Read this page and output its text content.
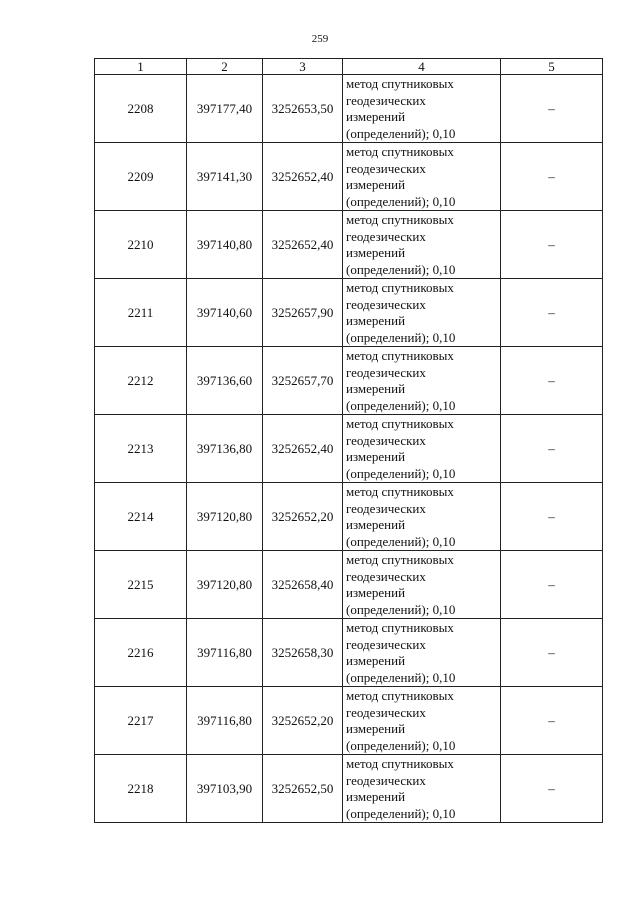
259
1	2	3	4	5
2208	397177,40	3252653,50	метод спутниковых
геодезических
измерений
(определений); 0,10	–
2209	397141,30	3252652,40	метод спутниковых
геодезических
измерений
(определений); 0,10	–
2210	397140,80	3252652,40	метод спутниковых
геодезических
измерений
(определений); 0,10	–
2211	397140,60	3252657,90	метод спутниковых
геодезических
измерений
(определений); 0,10	–
2212	397136,60	3252657,70	метод спутниковых
геодезических
измерений
(определений); 0,10	–
2213	397136,80	3252652,40	метод спутниковых
геодезических
измерений
(определений); 0,10	–
2214	397120,80	3252652,20	метод спутниковых
геодезических
измерений
(определений); 0,10	–
2215	397120,80	3252658,40	метод спутниковых
геодезических
измерений
(определений); 0,10	–
2216	397116,80	3252658,30	метод спутниковых
геодезических
измерений
(определений); 0,10	–
2217	397116,80	3252652,20	метод спутниковых
геодезических
измерений
(определений); 0,10	–
2218	397103,90	3252652,50	метод спутниковых
геодезических
измерений
(определений); 0,10	–
